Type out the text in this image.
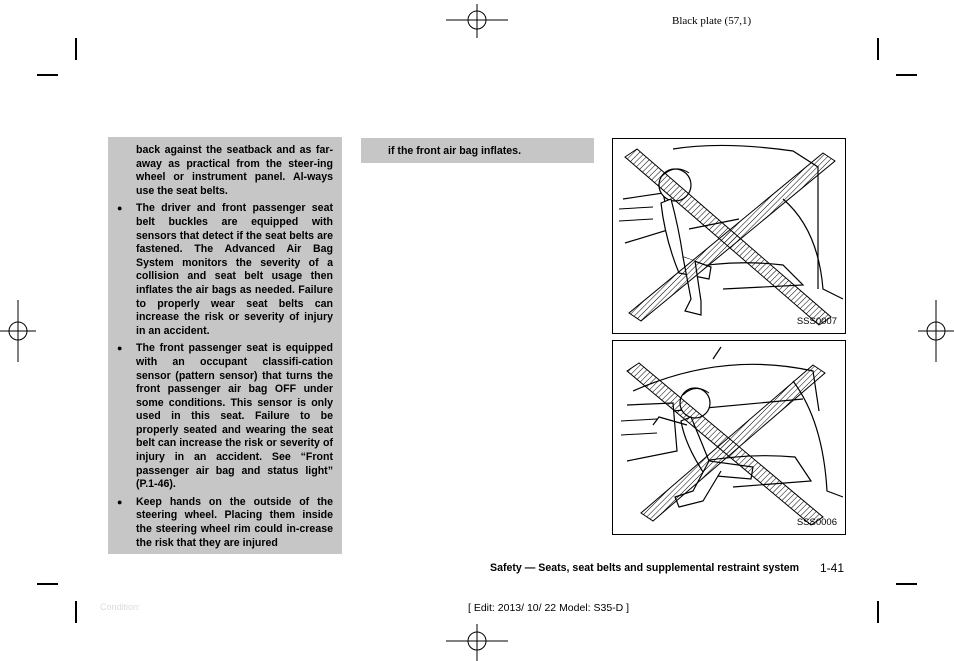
Black plate (57,1)

back against the seatback and as far-away as practical from the steer-ing wheel or instrument panel. Al-ways use the seat belts.

● The driver and front passenger seat belt buckles are equipped with sensors that detect if the seat belts are fastened. The Advanced Air Bag System monitors the severity of a collision and seat belt usage then inflates the air bags as needed. Failure to properly wear seat belts can increase the risk or severity of injury in an accident.
● The front passenger seat is equipped with an occupant classifi-cation sensor (pattern sensor) that turns the front passenger air bag OFF under some conditions. This sensor is only used in this seat. Failure to be properly seated and wearing the seat belt can increase the risk or severity of injury in an accident. See “Front passenger air bag and status light” (P.1-46).
● Keep hands on the outside of the steering wheel. Placing them inside the steering wheel rim could in-crease the risk that they are injured
if the front air bag inflates.
SSS0007
SSS0006
Safety — Seats, seat belts and supplemental restraint system 1-41
Condition:	[ Edit: 2013/ 10/ 22 Model: S35-D ]
